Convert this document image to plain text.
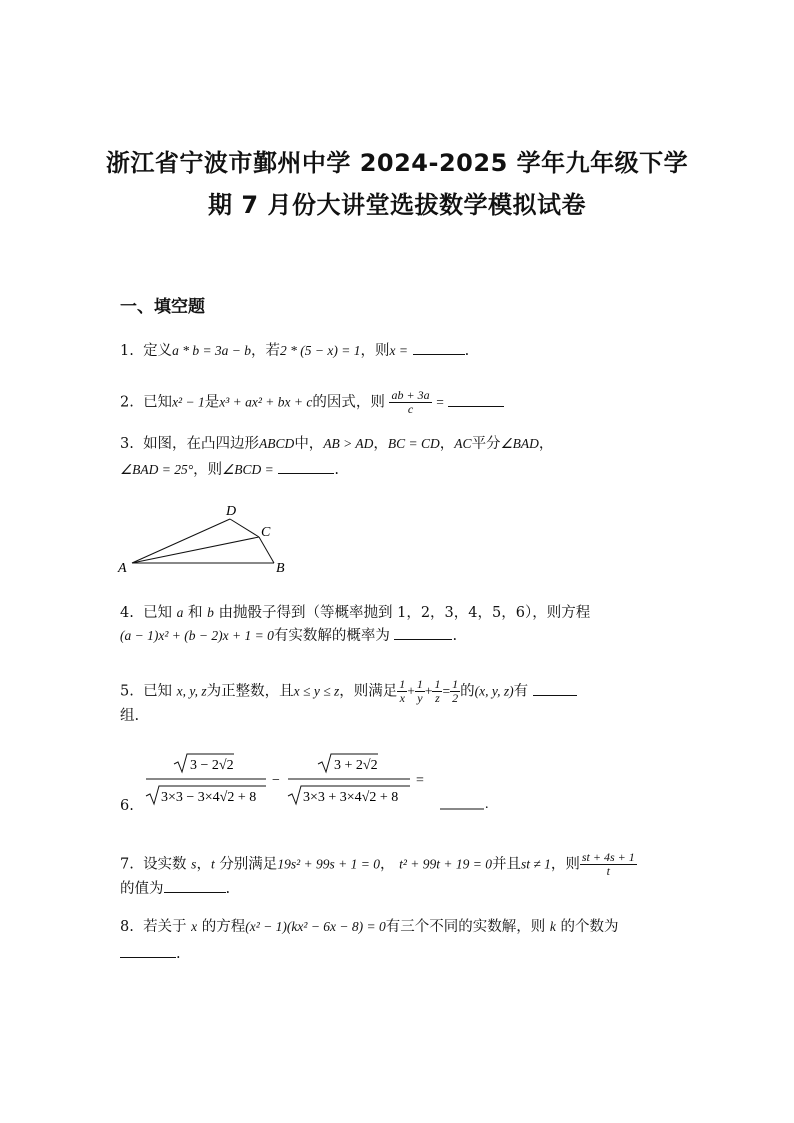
浙江省宁波市鄞州中学 2024-2025 学年九年级下学
期 7 月份大讲堂选拔数学模拟试卷
一、填空题
1. 定义a * b = 3a − b，若2 * (5 − x) = 1，则x =	.
2. 已知x² − 1是x³ + ax² + bx + c的因式，则 $\frac{ab + 3a}{c}$ =
3. 如图，在凸四边形ABCD中，AB > AD，BC = CD，AC平分∠BAD，
∠BAD = 25°，则∠BCD =	.
A	B
C
D
4. 已知 a 和 b 由抛骰子得到（等概率抛到 1，2，3，4，5，6），则方程
(a − 1)x² + (b − 2)x + 1 = 0有实数解的概率为	.
5. 已知 x, y, z为正整数，且x ≤ y ≤ z，则满足 $\frac{1}{x} + \frac{1}{y} + \frac{1}{z} = \frac{1}{2}$ 的(x, y, z)有
组.
6.
3 − 2√2
3×3 − 3×4√2 + 8
−
3 + 2√2
3×3 + 3×4√2 + 8
=
.
7. 设实数 s，t 分别满足19s² + 99s + 1 = 0， t² + 99t + 19 = 0并且st ≠ 1，则 $\frac{st + 4s + 1}{t}$
的值为	.
8. 若关于 x 的方程(x² − 1)(kx² − 6x − 8) = 0有三个不同的实数解，则 k 的个数为
.
